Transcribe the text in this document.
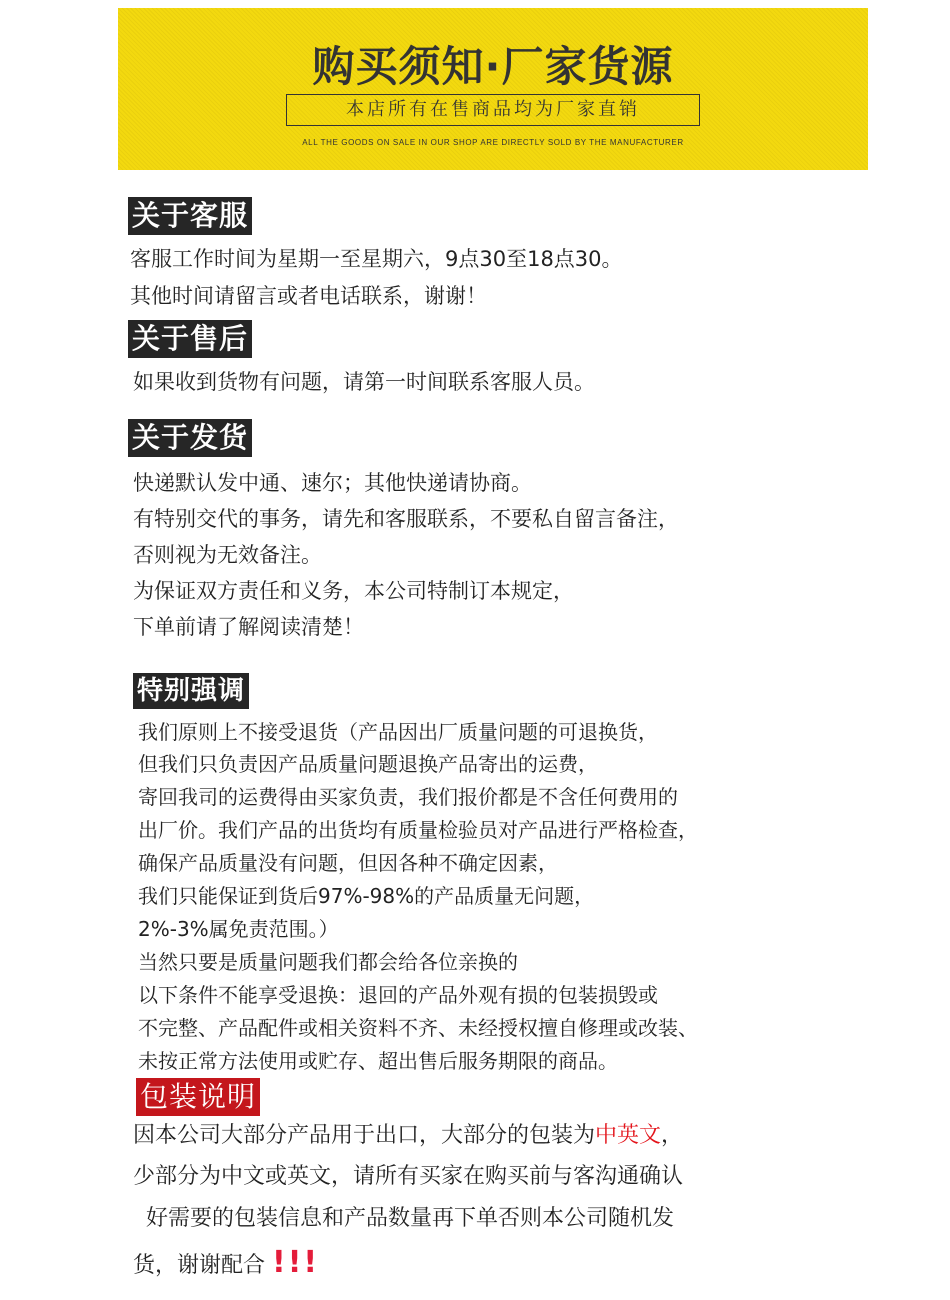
购买须知·厂家货源
本店所有在售商品均为厂家直销
ALL THE GOODS ON SALE IN OUR SHOP ARE DIRECTLY SOLD BY THE MANUFACTURER
关于客服
客服工作时间为星期一至星期六，9点30至18点30。
其他时间请留言或者电话联系，谢谢！
关于售后
如果收到货物有问题，请第一时间联系客服人员。
关于发货
快递默认发中通、速尔；其他快递请协商。
有特别交代的事务，请先和客服联系，不要私自留言备注，
否则视为无效备注。
为保证双方责任和义务，本公司特制订本规定，
下单前请了解阅读清楚！
特别强调
我们原则上不接受退货（产品因出厂质量问题的可退换货，
但我们只负责因产品质量问题退换产品寄出的运费，
寄回我司的运费得由买家负责，我们报价都是不含任何费用的
出厂价。我们产品的出货均有质量检验员对产品进行严格检查，
确保产品质量没有问题，但因各种不确定因素，
我们只能保证到货后97%-98%的产品质量无问题，
2%-3%属免责范围。）
当然只要是质量问题我们都会给各位亲换的
以下条件不能享受退换：退回的产品外观有损的包装损毁或
不完整、产品配件或相关资料不齐、未经授权擅自修理或改装、
未按正常方法使用或贮存、超出售后服务期限的商品。
包装说明
因本公司大部分产品用于出口，大部分的包装为中英文，
少部分为中文或英文，请所有买家在购买前与客沟通确认
好需要的包装信息和产品数量再下单否则本公司随机发
货，谢谢配合 !!!
